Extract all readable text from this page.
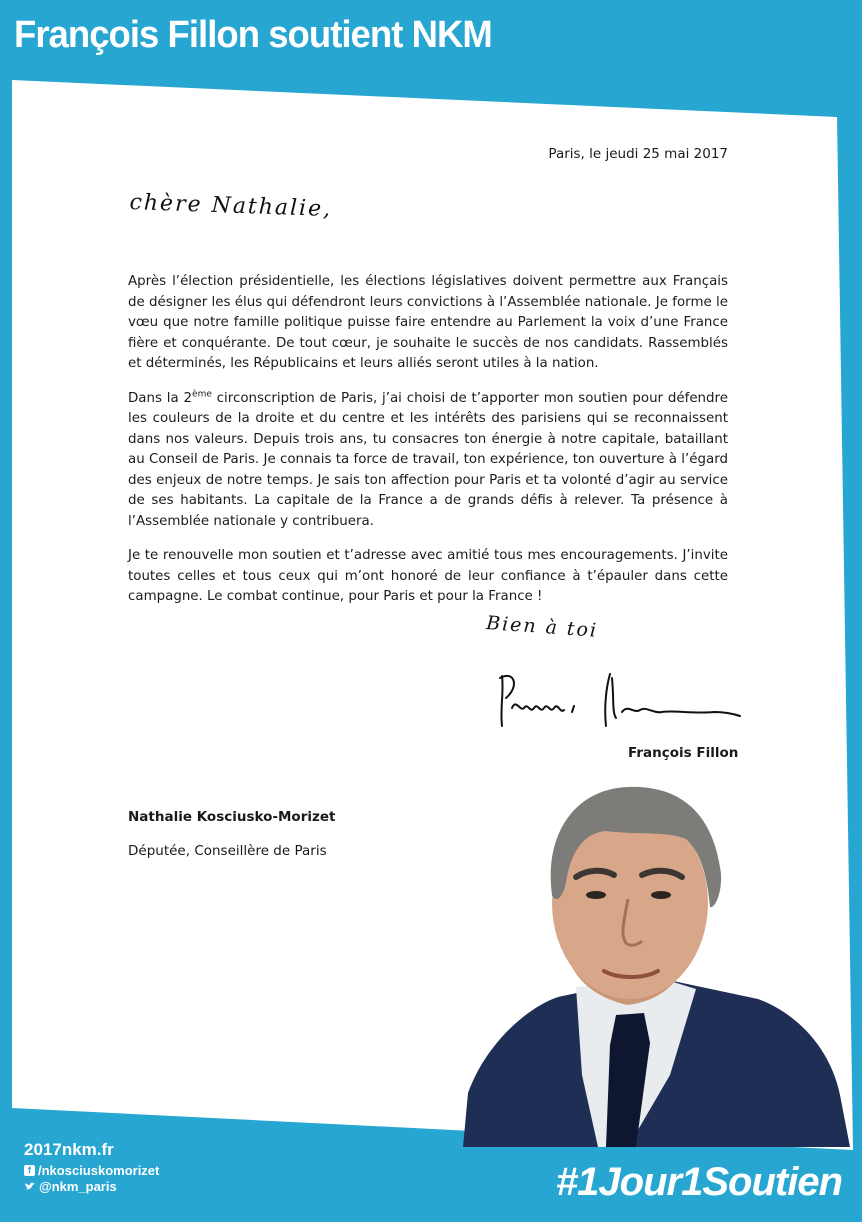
François Fillon soutient NKM
Paris, le jeudi 25 mai 2017
chère Nathalie,

Après l’élection présidentielle, les élections législatives doivent permettre aux Français de désigner les élus qui défendront leurs convictions à l’Assemblée nationale. Je forme le vœu que notre famille politique puisse faire entendre au Parlement la voix d’une France fière et conquérante. De tout cœur, je souhaite le succès de nos candidats. Rassemblés et déterminés, les Républicains et leurs alliés seront utiles à la nation.

Dans la 2ème circonscription de Paris, j’ai choisi de t’apporter mon soutien pour défendre les couleurs de la droite et du centre et les intérêts des parisiens qui se reconnaissent dans nos valeurs. Depuis trois ans, tu consacres ton énergie à notre capitale, bataillant au Conseil de Paris. Je connais ta force de travail, ton expérience, ton ouverture à l’égard des enjeux de notre temps. Je sais ton affection pour Paris et ta volonté d’agir au service de ses habitants. La capitale de la France a de grands défis à relever. Ta présence à l’Assemblée nationale y contribuera.

Je te renouvelle mon soutien et t’adresse avec amitié tous mes encouragements. J’invite toutes celles et tous ceux qui m’ont honoré de leur confiance à t’épauler dans cette campagne. Le combat continue, pour Paris et pour la France !

Bien à toi
François Fillon
Nathalie Kosciusko-Morizet
Députée, Conseillère de Paris
2017nkm.fr
f /nkosciuskomorizet
@nkm_paris	#1Jour1Soutien
